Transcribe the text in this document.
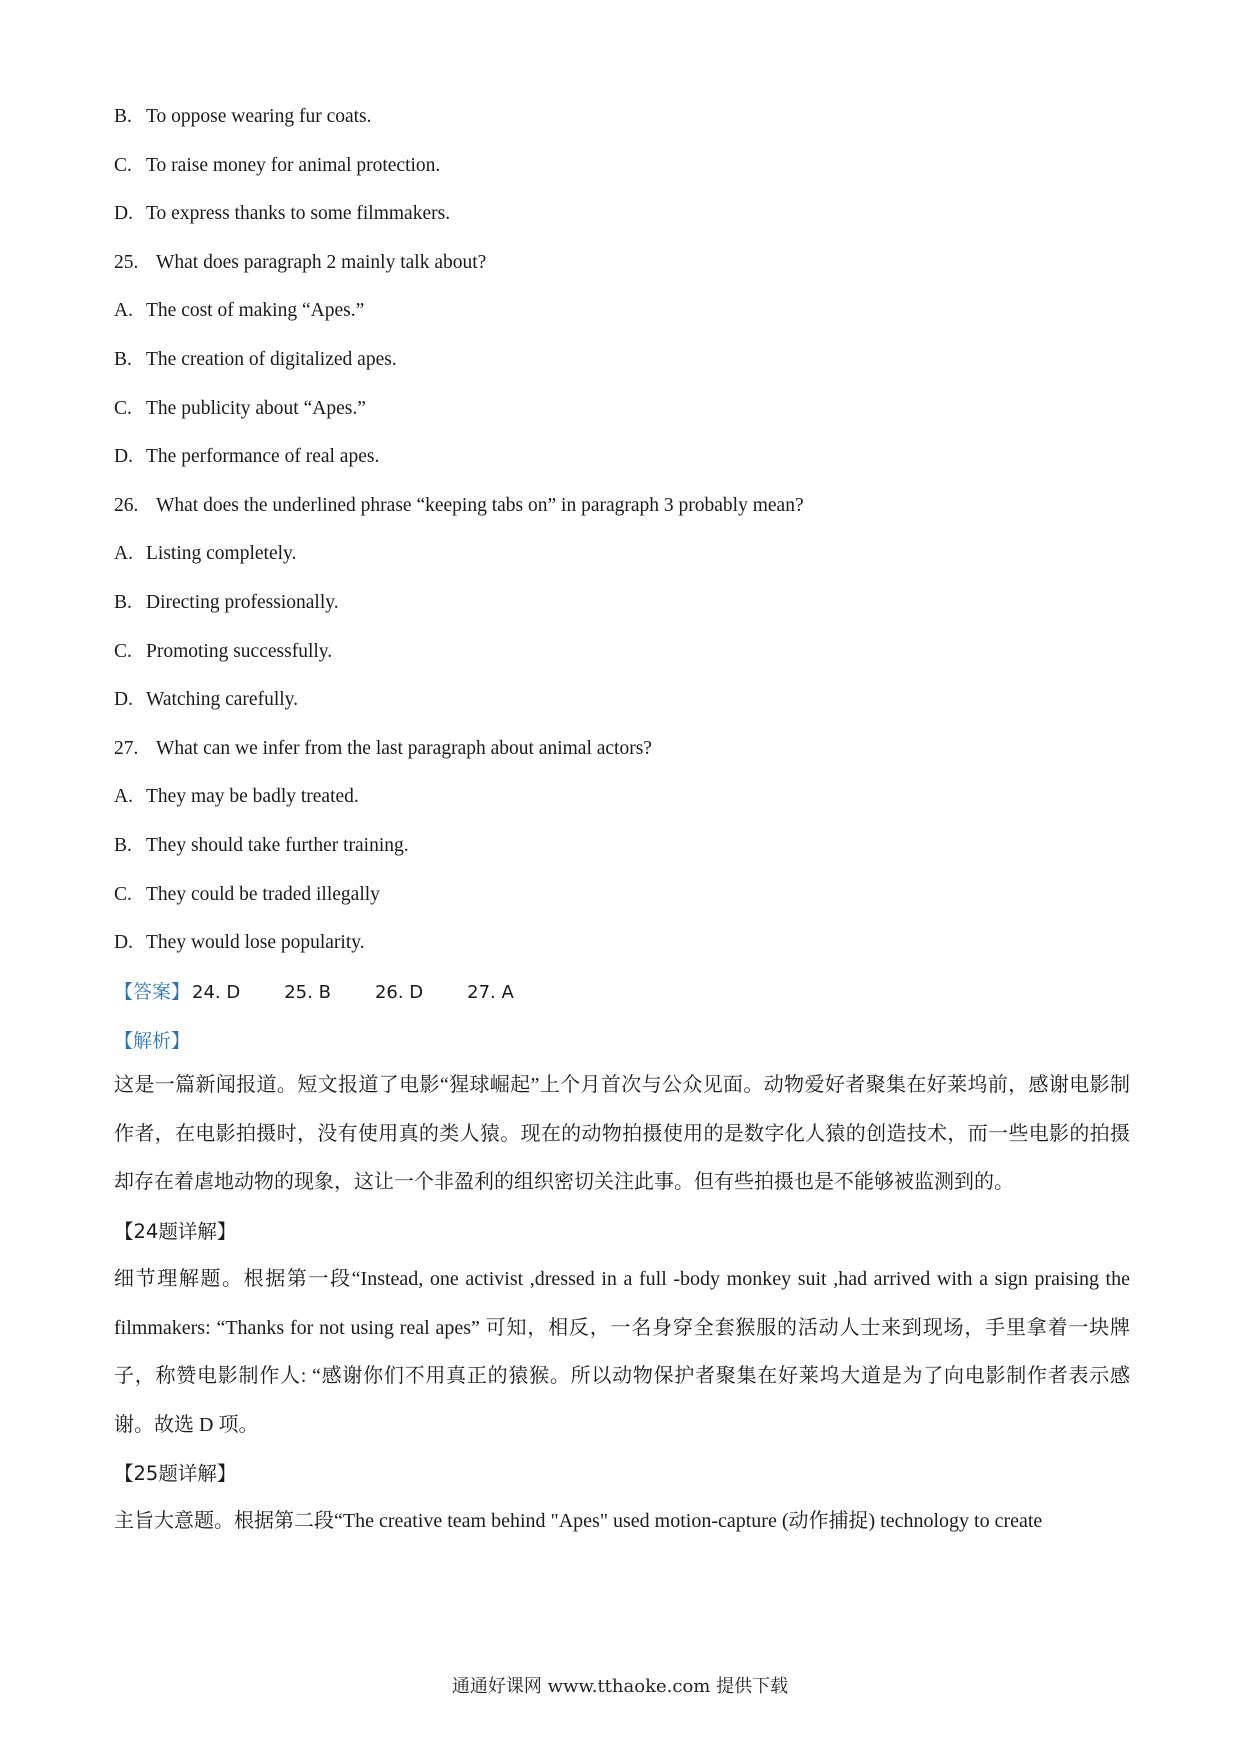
B. To oppose wearing fur coats.
C. To raise money for animal protection.
D. To express thanks to some filmmakers.
25. What does paragraph 2 mainly talk about?
A. The cost of making “Apes.”
B. The creation of digitalized apes.
C. The publicity about “Apes.”
D. The performance of real apes.
26. What does the underlined phrase “keeping tabs on” in paragraph 3 probably mean?
A. Listing completely.
B. Directing professionally.
C. Promoting successfully.
D. Watching carefully.
27. What can we infer from the last paragraph about animal actors?
A. They may be badly treated.
B. They should take further training.
C. They could be traded illegally
D. They would lose popularity.
【答案】 24. D 25. B 26. D 27. A
【解析】

这是一篇新闻报道。短文报道了电影“猩球崛起”上个月首次与公众见面。动物爱好者聚集在好莱坞前，感谢电影制作者，在电影拍摄时，没有使用真的类人猿。现在的动物拍摄使用的是数字化人猿的创造技术，而一些电影的拍摄却存在着虐地动物的现象，这让一个非盈利的组织密切关注此事。但有些拍摄也是不能够被监测到的。

【24题详解】

细节理解题。根据第一段“Instead, one activist ,dressed in a full -body monkey suit ,had arrived with a sign praising the filmmakers: “Thanks for not using real apes” 可知，相反，一名身穿全套猴服的活动人士来到现场，手里拿着一块牌子，称赞电影制作人: “感谢你们不用真正的猿猴。所以动物保护者聚集在好莱坞大道是为了向电影制作者表示感谢。故选 D 项。

【25题详解】

主旨大意题。根据第二段“The creative team behind "Apes" used motion-capture (动作捕捉) technology to create

通通好课网 www.tthaoke.com 提供下载
